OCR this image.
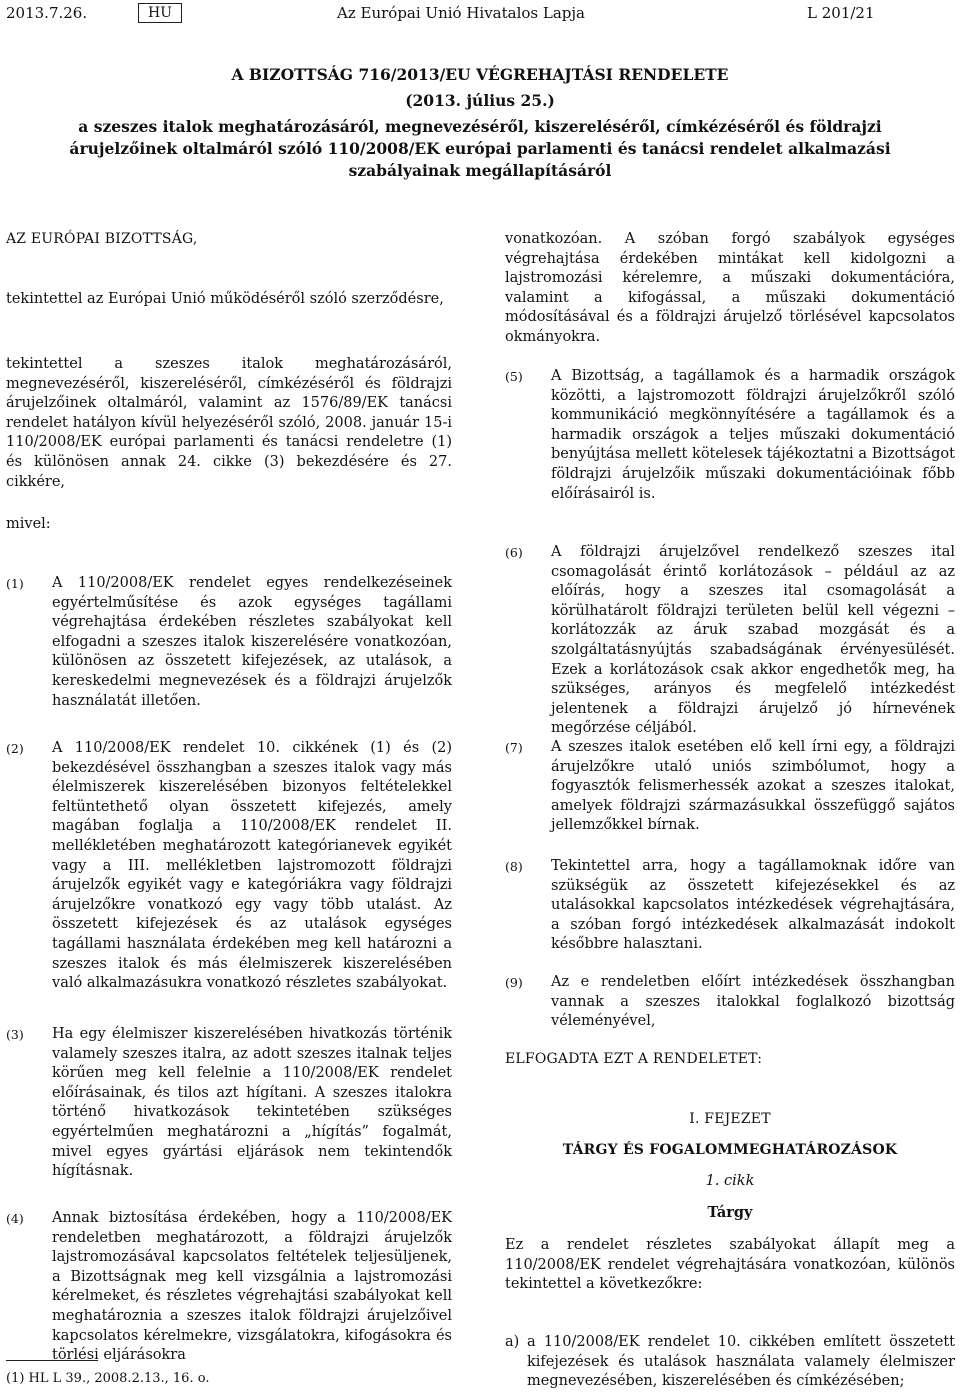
2013.7.26.	HU	Az Európai Unió Hivatalos Lapja	L 201/21
A BIZOTTSÁG 716/2013/EU VÉGREHAJTÁSI RENDELETE
(2013. július 25.)
a szeszes italok meghatározásáról, megnevezéséről, kiszereléséről, címkézéséről és földrajzi árujelzőinek oltalmáról szóló 110/2008/EK európai parlamenti és tanácsi rendelet alkalmazási szabályainak megállapításáról
AZ EURÓPAI BIZOTTSÁG,
tekintettel az Európai Unió működéséről szóló szerződésre,
tekintettel a szeszes italok meghatározásáról, megnevezéséről, kiszereléséről, címkézéséről és földrajzi árujelzőinek oltalmáról, valamint az 1576/89/EK tanácsi rendelet hatályon kívül helyezéséről szóló, 2008. január 15-i 110/2008/EK európai parlamenti és tanácsi rendeletre (1) és különösen annak 24. cikke (3) bekezdésére és 27. cikkére,
mivel:
(1) A 110/2008/EK rendelet egyes rendelkezéseinek egyértelműsítése és azok egységes tagállami végrehajtása érdekében részletes szabályokat kell elfogadni a szeszes italok kiszerelésére vonatkozóan, különösen az összetett kifejezések, az utalások, a kereskedelmi megnevezések és a földrajzi árujelzők használatát illetően.
(2) A 110/2008/EK rendelet 10. cikkének (1) és (2) bekezdésével összhangban a szeszes italok vagy más élelmiszerek kiszerelésében bizonyos feltételekkel feltüntethető olyan összetett kifejezés, amely magában foglalja a 110/2008/EK rendelet II. mellékletében meghatározott kategórianevek egyikét vagy a III. mellékletben lajstromozott földrajzi árujelzők egyikét vagy e kategóriákra vagy földrajzi árujelzőkre vonatkozó egy vagy több utalást. Az összetett kifejezések és az utalások egységes tagállami használata érdekében meg kell határozni a szeszes italok és más élelmiszerek kiszerelésében való alkalmazásukra vonatkozó részletes szabályokat.
(3) Ha egy élelmiszer kiszerelésében hivatkozás történik valamely szeszes italra, az adott szeszes italnak teljes körűen meg kell felelnie a 110/2008/EK rendelet előírásainak, és tilos azt hígítani. A szeszes italokra történő hivatkozások tekintetében szükséges egyértelműen meghatározni a „hígítás” fogalmát, mivel egyes gyártási eljárások nem tekintendők hígításnak.
(4) Annak biztosítása érdekében, hogy a 110/2008/EK rendeletben meghatározott, a földrajzi árujelzők lajstromozásával kapcsolatos feltételek teljesüljenek, a Bizottságnak meg kell vizsgálnia a lajstromozási kérelmeket, és részletes végrehajtási szabályokat kell meghatároznia a szeszes italok földrajzi árujelzőivel kapcsolatos kérelmekre, vizsgálatokra, kifogásokra és törlési eljárásokra
(1) HL L 39., 2008.2.13., 16. o.
vonatkozóan. A szóban forgó szabályok egységes végrehajtása érdekében mintákat kell kidolgozni a lajstromozási kérelemre, a műszaki dokumentációra, valamint a kifogással, a műszaki dokumentáció módosításával és a földrajzi árujelző törlésével kapcsolatos okmányokra.
(5) A Bizottság, a tagállamok és a harmadik országok közötti, a lajstromozott földrajzi árujelzőkről szóló kommunikáció megkönnyítésére a tagállamok és a harmadik országok a teljes műszaki dokumentáció benyújtása mellett kötelesek tájékoztatni a Bizottságot földrajzi árujelzőik műszaki dokumentációinak főbb előírásairól is.
(6) A földrajzi árujelzővel rendelkező szeszes ital csomagolását érintő korlátozások – például az az előírás, hogy a szeszes ital csomagolását a körülhatárolt földrajzi területen belül kell végezni – korlátozzák az áruk szabad mozgását és a szolgáltatásnyújtás szabadságának érvényesülését. Ezek a korlátozások csak akkor engedhetők meg, ha szükséges, arányos és megfelelő intézkedést jelentenek a földrajzi árujelző jó hírnevének megőrzése céljából.
(7) A szeszes italok esetében elő kell írni egy, a földrajzi árujelzőkre utaló uniós szimbólumot, hogy a fogyasztók felismerhessék azokat a szeszes italokat, amelyek földrajzi származásukkal összefüggő sajátos jellemzőkkel bírnak.
(8) Tekintettel arra, hogy a tagállamoknak időre van szükségük az összetett kifejezésekkel és az utalásokkal kapcsolatos intézkedések végrehajtására, a szóban forgó intézkedések alkalmazását indokolt későbbre halasztani.
(9) Az e rendeletben előírt intézkedések összhangban vannak a szeszes italokkal foglalkozó bizottság véleményével,
ELFOGADTA EZT A RENDELETET:
I. FEJEZET
TÁRGY ÉS FOGALOMMEGHATÁROZÁSOK
1. cikk
Tárgy
Ez a rendelet részletes szabályokat állapít meg a 110/2008/EK rendelet végrehajtására vonatkozóan, különös tekintettel a következőkre:
a) a 110/2008/EK rendelet 10. cikkében említett összetett kifejezések és utalások használata valamely élelmiszer megnevezésében, kiszerelésében és címkézésében;
